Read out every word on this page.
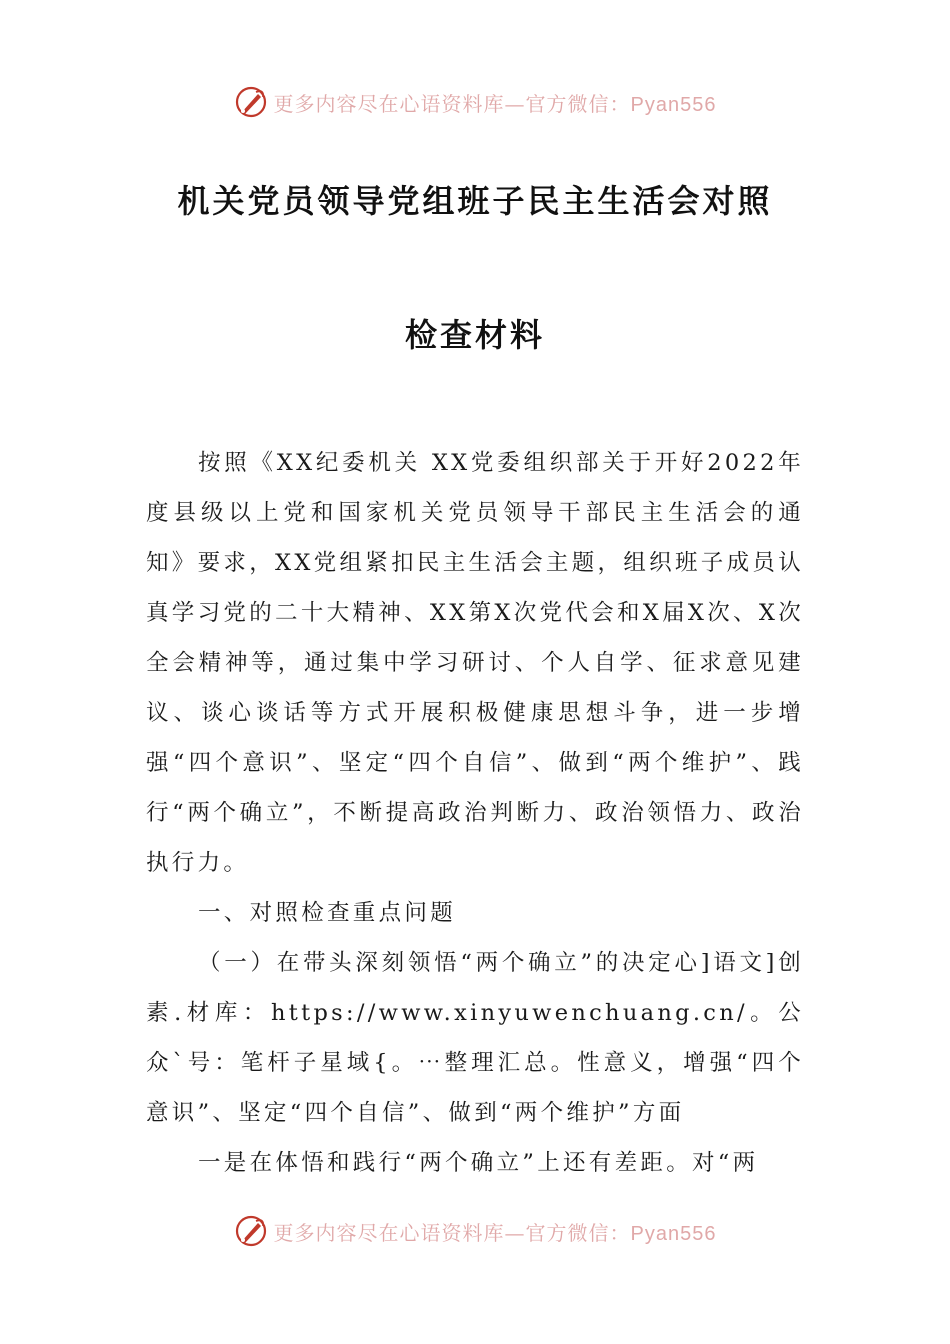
更多内容尽在心语资料库—官方微信：Pyan556
机关党员领导党组班子民主生活会对照
检查材料

按照《XX纪委机关 XX党委组织部关于开好2022年度县级以上党和国家机关党员领导干部民主生活会的通知》要求，XX党组紧扣民主生活会主题，组织班子成员认真学习党的二十大精神、XX第X次党代会和X届X次、X次全会精神等，通过集中学习研讨、个人自学、征求意见建议、谈心谈话等方式开展积极健康思想斗争，进一步增强“四个意识”、坚定“四个自信”、做到“两个维护”、践行“两个确立”，不断提高政治判断力、政治领悟力、政治执行力。

一、对照检查重点问题

（一）在带头深刻领悟“两个确立”的决定心]语文]创素.材库：https://www.xinyuwenchuang.cn/。公众`号：笔杆子星域{。⋯整理汇总。性意义，增强“四个意识”、坚定“四个自信”、做到“两个维护”方面

一是在体悟和践行“两个确立”上还有差距。对“两

更多内容尽在心语资料库—官方微信：Pyan556
